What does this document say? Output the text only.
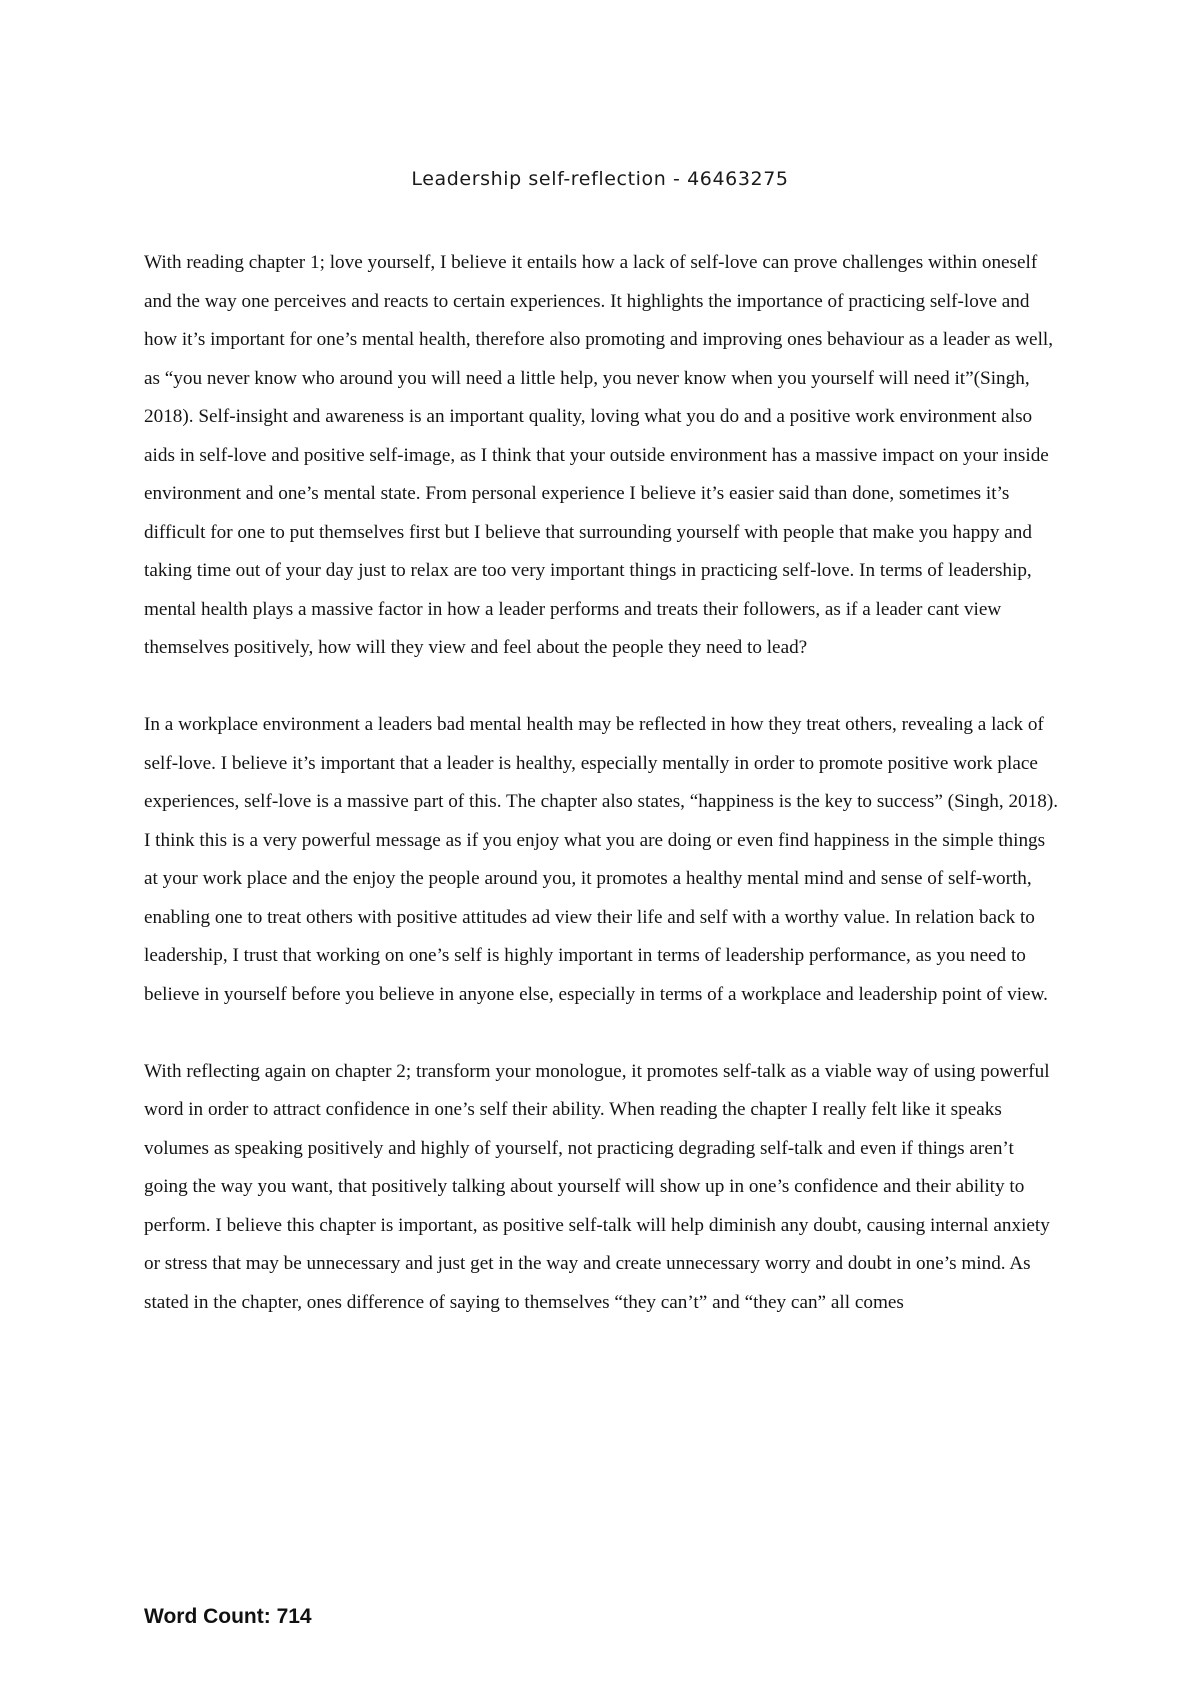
Leadership self-reflection - 46463275

With reading chapter 1; love yourself, I believe it entails how a lack of self-love can prove challenges within oneself and the way one perceives and reacts to certain experiences. It highlights the importance of practicing self-love and how it’s important for one’s mental health, therefore also promoting and improving ones behaviour as a leader as well, as “you never know who around you will need a little help, you never know when you yourself will need it”(Singh, 2018). Self-insight and awareness is an important quality, loving what you do and a positive work environment also aids in self-love and positive self-image, as I think that your outside environment has a massive impact on your inside environment and one’s mental state. From personal experience I believe it’s easier said than done, sometimes it’s difficult for one to put themselves first but I believe that surrounding yourself with people that make you happy and taking time out of your day just to relax are too very important things in practicing self-love. In terms of leadership, mental health plays a massive factor in how a leader performs and treats their followers, as if a leader cant view themselves positively, how will they view and feel about the people they need to lead?

In a workplace environment a leaders bad mental health may be reflected in how they treat others, revealing a lack of self-love. I believe it’s important that a leader is healthy, especially mentally in order to promote positive work place experiences, self-love is a massive part of this. The chapter also states, “happiness is the key to success” (Singh, 2018). I think this is a very powerful message as if you enjoy what you are doing or even find happiness in the simple things at your work place and the enjoy the people around you, it promotes a healthy mental mind and sense of self-worth, enabling one to treat others with positive attitudes ad view their life and self with a worthy value. In relation back to leadership, I trust that working on one’s self is highly important in terms of leadership performance, as you need to believe in yourself before you believe in anyone else, especially in terms of a workplace and leadership point of view.

With reflecting again on chapter 2; transform your monologue, it promotes self-talk as a viable way of using powerful word in order to attract confidence in one’s self their ability. When reading the chapter I really felt like it speaks volumes as speaking positively and highly of yourself, not practicing degrading self-talk and even if things aren’t going the way you want, that positively talking about yourself will show up in one’s confidence and their ability to perform. I believe this chapter is important, as positive self-talk will help diminish any doubt, causing internal anxiety or stress that may be unnecessary and just get in the way and create unnecessary worry and doubt in one’s mind. As stated in the chapter, ones difference of saying to themselves “they can’t” and “they can” all comes

Word Count: 714
